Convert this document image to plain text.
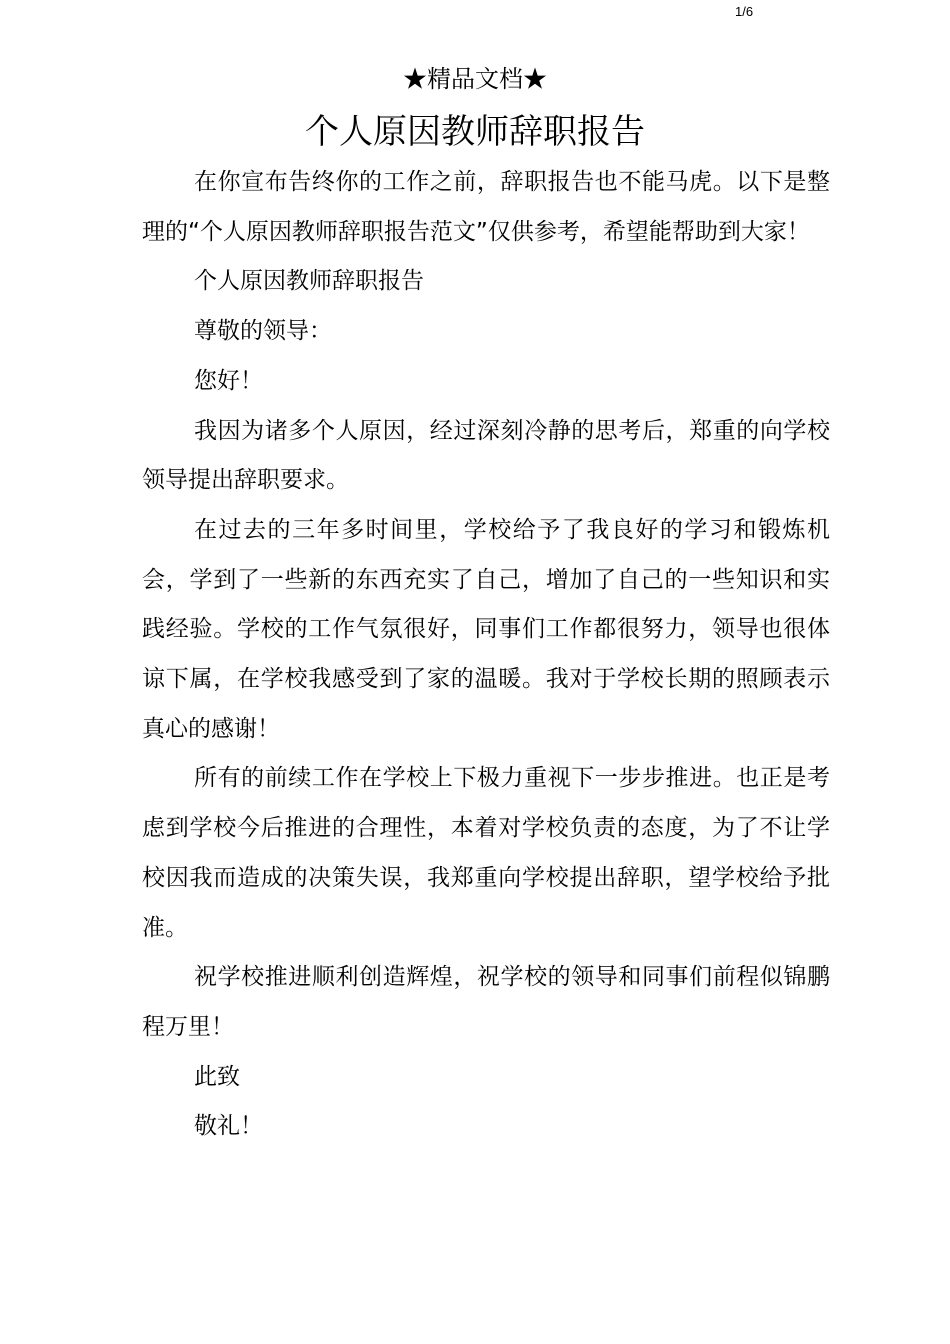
1/6
★精品文档★
个人原因教师辞职报告

在你宣布告终你的工作之前，辞职报告也不能马虎。以下是整理的“个人原因教师辞职报告范文”仅供参考，希望能帮助到大家！

个人原因教师辞职报告

尊敬的领导：

您好！

我因为诸多个人原因，经过深刻冷静的思考后，郑重的向学校领导提出辞职要求。

在过去的三年多时间里，学校给予了我良好的学习和锻炼机会，学到了一些新的东西充实了自己，增加了自己的一些知识和实践经验。学校的工作气氛很好，同事们工作都很努力，领导也很体谅下属，在学校我感受到了家的温暖。我对于学校长期的照顾表示真心的感谢！

所有的前续工作在学校上下极力重视下一步步推进。也正是考虑到学校今后推进的合理性，本着对学校负责的态度，为了不让学校因我而造成的决策失误，我郑重向学校提出辞职，望学校给予批准。

祝学校推进顺利创造辉煌，祝学校的领导和同事们前程似锦鹏程万里！

此致

敬礼！
